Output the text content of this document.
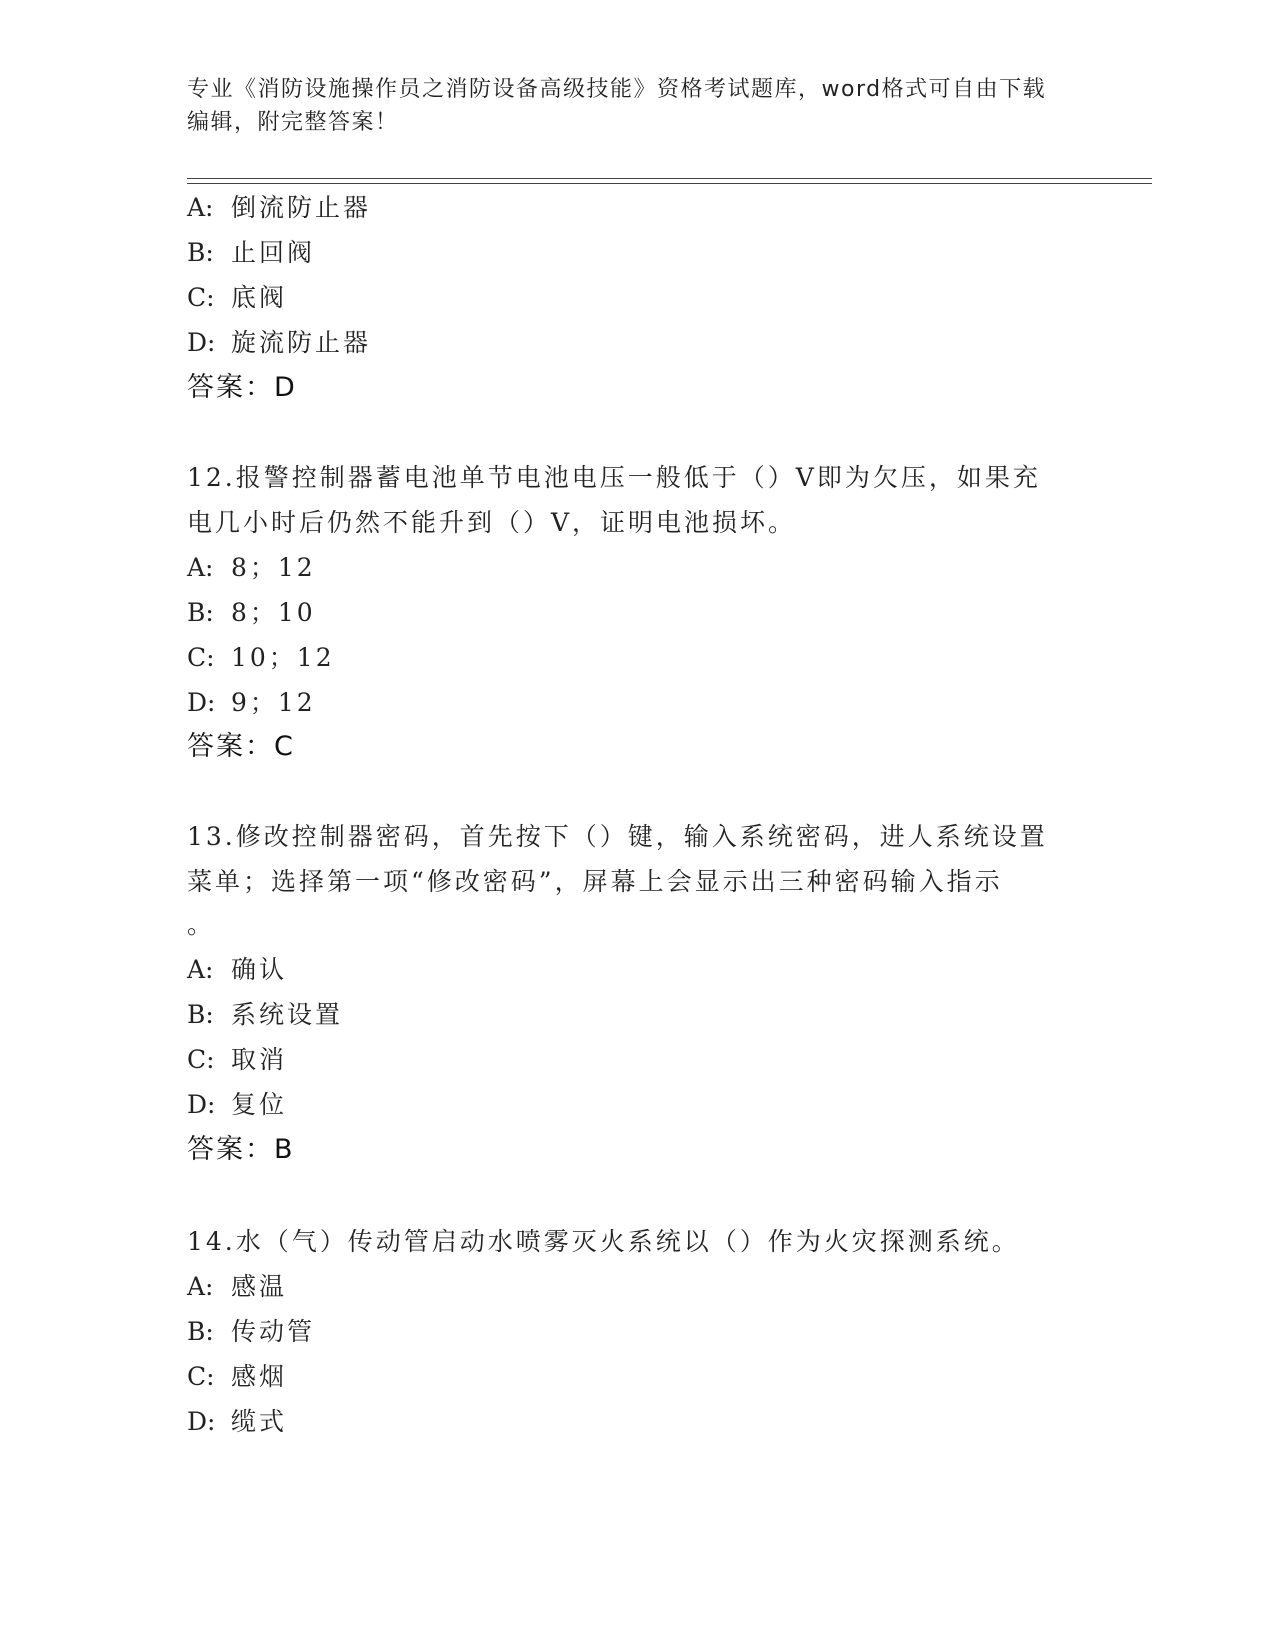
专业《消防设施操作员之消防设备高级技能》资格考试题库，word格式可自由下载编辑，附完整答案！
A: 倒流防止器
B: 止回阀
C: 底阀
D: 旋流防止器
答案：D
12.报警控制器蓄电池单节电池电压一般低于（）V即为欠压，如果充
电几小时后仍然不能升到（）V，证明电池损坏。
A: 8；12
B: 8；10
C: 10；12
D: 9；12
答案：C
13.修改控制器密码，首先按下（）键，输入系统密码，进人系统设置
菜单；选择第一项“修改密码”，屏幕上会显示出三种密码输入指示
。
A: 确认
B: 系统设置
C: 取消
D: 复位
答案：B
14.水（气）传动管启动水喷雾灭火系统以（）作为火灾探测系统。
A: 感温
B: 传动管
C: 感烟
D: 缆式
